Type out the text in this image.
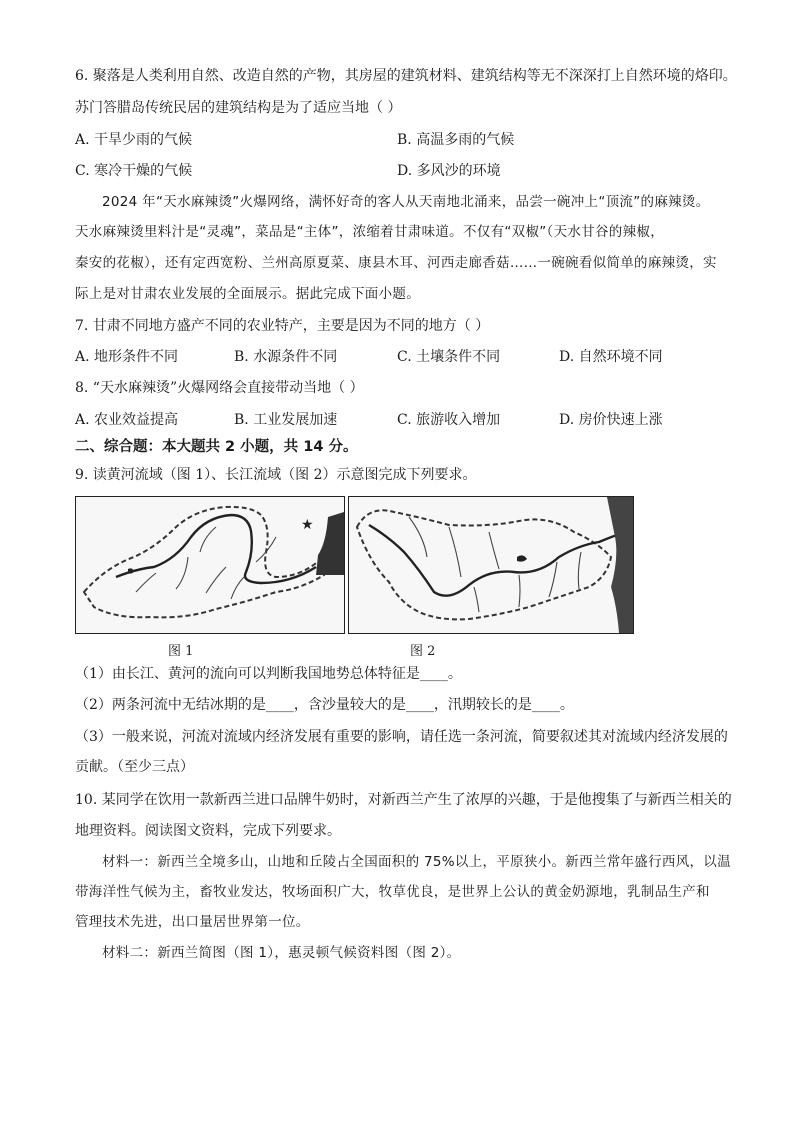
6. 聚落是人类利用自然、改造自然的产物，其房屋的建筑材料、建筑结构等无不深深打上自然环境的烙印。
苏门答腊岛传统民居的建筑结构是为了适应当地（ ）
A. 干旱少雨的气候	B. 高温多雨的气候
C. 寒冷干燥的气候	D. 多风沙的环境
2024 年“天水麻辣烫”火爆网络，满怀好奇的客人从天南地北涌来，品尝一碗冲上“顶流”的麻辣烫。
天水麻辣烫里料汁是“灵魂”，菜品是“主体”，浓缩着甘肃味道。不仅有“双椒”（天水甘谷的辣椒，
秦安的花椒），还有定西宽粉、兰州高原夏菜、康县木耳、河西走廊香菇……一碗碗看似简单的麻辣烫，实
际上是对甘肃农业发展的全面展示。据此完成下面小题。
7. 甘肃不同地方盛产不同的农业特产，主要是因为不同的地方（ ）
A. 地形条件不同	B. 水源条件不同	C. 土壤条件不同	D. 自然环境不同
8. “天水麻辣烫”火爆网络会直接带动当地（ ）
A. 农业效益提高	B. 工业发展加速	C. 旅游收入增加	D. 房价快速上涨
二、综合题：本大题共 2 小题，共 14 分。
9. 读黄河流域（图 1）、长江流域（图 2）示意图完成下列要求。
★
图 1	图 2
（1）由长江、黄河的流向可以判断我国地势总体特征是____。
（2）两条河流中无结冰期的是____，含沙量较大的是____，汛期较长的是____。
（3）一般来说，河流对流域内经济发展有重要的影响，请任选一条河流，简要叙述其对流域内经济发展的
贡献。（至少三点）
10. 某同学在饮用一款新西兰进口品牌牛奶时，对新西兰产生了浓厚的兴趣，于是他搜集了与新西兰相关的
地理资料。阅读图文资料，完成下列要求。
材料一：新西兰全境多山，山地和丘陵占全国面积的 75%以上，平原狭小。新西兰常年盛行西风，以温
带海洋性气候为主，畜牧业发达，牧场面积广大，牧草优良，是世界上公认的黄金奶源地，乳制品生产和
管理技术先进，出口量居世界第一位。
材料二：新西兰简图（图 1），惠灵顿气候资料图（图 2）。
